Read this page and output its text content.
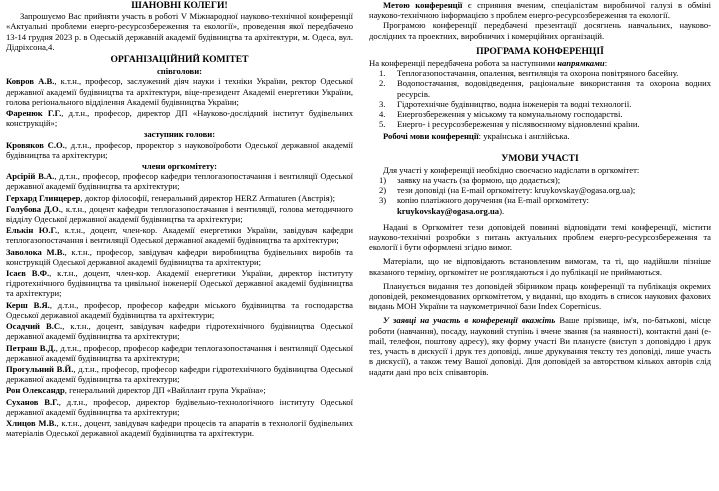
ШАНОВНІ КОЛЕГИ!

Запрошуємо Вас прийняти участь в роботі V Міжнародної науково-технічної конференції «Актуальні проблеми енерго-ресурсозбереження та екології», проведення якої передбачено 13-14 грудня 2023 р. в Одеській державній академії будівництва та архітектури, м. Одеса, вул. Дідріхсона,4.

ОРГАНІЗАЦІЙНИЙ КОМІТЕТ
співголови:

Ковров А.В., к.т.н., професор, заслужений діяч науки і техніки України, ректор Одеської державної академії будівництва та архітектури, віце-президент Академії енергетики України, голова регіонального відділення Академії будівництва України;

Фаренюк Г.Г., д.т.н., професор, директор ДП «Науково-дослідний інститут будівельних конструкцій»;

заступник голови:

Кровяков С.О., д.т.н., професор, проректор з науковоїроботи Одеської державної академії будівництва та архітектури;

члени оргкомітету:

Арсірій В.А., д.т.н., професор, професор кафедри теплогазопостачання і вентиляції Одеської державної академії будівництва та архітектури;

Герхард Глинцерер, доктор філософії, генеральний директор HERZ Armaturen (Австрія);

Голубова Д.О., к.т.н., доцент кафедри теплогазопостачання і вентиляції, голова методичного відділу Одеської державної академії будівництва та архітектури;

Елькін Ю.Г., к.т.н., доцент, член-кор. Академії енергетики України, завідувач кафедри теплогазопостачання і вентиляції Одеської державної академії будівництва та архітектури;

Заволока М.В., к.т.н., професор, завідувач кафедри виробництва будівельних виробів та конструкцій Одеської державної академії будівництва та архітектури;

Ісаєв В.Ф., к.т.н., доцент, член-кор. Академії енергетики України, директор інституту гідротехнічного будівництва та цивільної інженерії Одеської державної академії будівництва та архітектури;

Керш В.Я., д.т.н., професор, професор кафедри міського будівництва та господарства Одеської державної академії будівництва та архітектури;

Осадчий В.С., к.т.н., доцент, завідувач кафедри гідротехнічного будівництва Одеської державної академії будівництва та архітектури;

Петраш В.Д., д.т.н., професор, професор кафедри теплогазопостачання і вентиляції Одеської державної академії будівництва та архітектури;

Прогульний В.Й., д.т.н., професор, професор кафедри гідротехнічного будівництва Одеської державної академії будівництва та архітектури;

Рон Олександр, генеральний директор ДП «Вайллант група Україна»;

Суханов В.Г., д.т.н., професор, директор будівельно-технологічного інституту Одеської державної академії будівництва та архітектури;

Хлицов М.В., к.т.н., доцент, завідувач кафедри процесів та апаратів в технології будівельних матеріалів Одеської державної академії будівництва та архітектури.

Метою конференції є сприяння вченим, спеціалістам виробничої галузі в обміні науково-технічною інформацією з проблем енерго-ресурсозбереження та екології.

Програмою конференції передбачені презентації досягнень навчальних, науково-дослідних та проектних, виробничих і комерційних організацій.

ПРОГРАМА КОНФЕРЕНЦІЇ

На конференції передбачена робота за наступними напрямками:

1.	Теплогазопостачання, опалення, вентиляція та охорона повітряного басейну.
2.	Водопостачання, водовідведення, раціональне використання та охорона водних ресурсів.
3.	Гідротехнічне будівництво, водна інженерія та водні технології.
4.	Енергозбереження у міському та комунальному господарстві.
5.	Енерго- і ресурсозбереження у післявоєнному відновленні країни.

Робочі мови конференції: українська і англійська.

УМОВИ УЧАСТІ

Для участі у конференції необхідно своєчасно надіслати в оргкомітет:

1)	заявку на участь (за формою, що додається);
2)	тези доповіді (на E-mail оргкомітету: kruykovskay@ogasa.org.ua);
3)	копію платіжного доручення (на E-mail оргкомітету:

kruykovskay@ogasa.org.ua).

Надані в Оргкомітет тези доповідей повинні відповідати темі конференції, містити науково-технічні розробки з питань актуальних проблем енерго-ресурсозбереження та екології і бути оформлені згідно вимог.

Матеріали, що не відповідають встановленим вимогам, та ті, що надійшли пізніше вказаного терміну, оргкомітет не розглядаються і до публікації не приймаються.

Планується видання тез доповідей збірником праць конференції та публікація окремих доповідей, рекомендованих оргкомітетом, у виданні, що входить в список наукових фахових видань МОН України та наукометричної бази Index Copernicus.

У заявці на участь в конференції вкажіть Ваше прізвище, ім'я, по-батькові, місце роботи (навчання), посаду, науковий ступінь і вчене звання (за наявності), контактні дані (e-mail, телефон, поштову адресу), яку форму участі Ви плануєте (виступ з доповіддю і друк тез, участь в дискусії і друк тез доповіді, лише друкування тексту тез доповіді, лише участь в дискусії), а також тему Вашої доповіді. Для доповідей за авторством кількох авторів слід надати дані про всіх співавторів.
